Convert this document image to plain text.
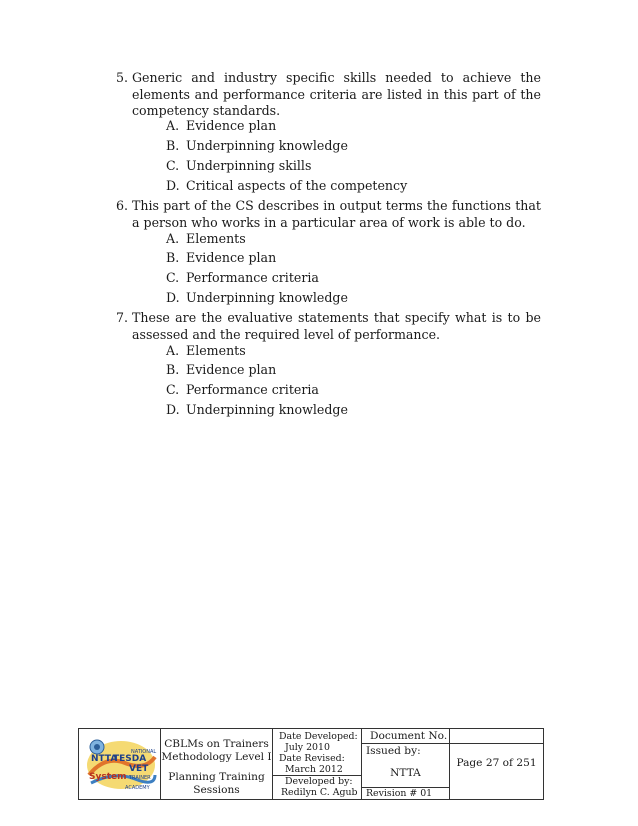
5. Generic and industry specific skills needed to achieve the elements and performance criteria are listed in this part of the competency standards.
A. Evidence plan
B. Underpinning knowledge
C. Underpinning skills
D. Critical aspects of the competency
6. This part of the CS describes in output terms the functions that a person who works in a particular area of work is able to do.
A. Elements
B. Evidence plan
C. Performance criteria
D. Underpinning knowledge
7. These are the evaluative statements that specify what is to be assessed and the required level of performance.
A. Elements
B. Evidence plan
C. Performance criteria
D. Underpinning knowledge
NTTA
TESDA
VET
System
NATIONAL
TRAINER
ACADEMY
CBLMs on Trainers
Methodology Level I
Planning Training
Sessions
Date Developed:
July 2010
Date Revised:
March 2012
Developed by:
Redilyn C. Agub
Document No.
Issued by:
NTTA
Revision # 01
Page 27 of 251
